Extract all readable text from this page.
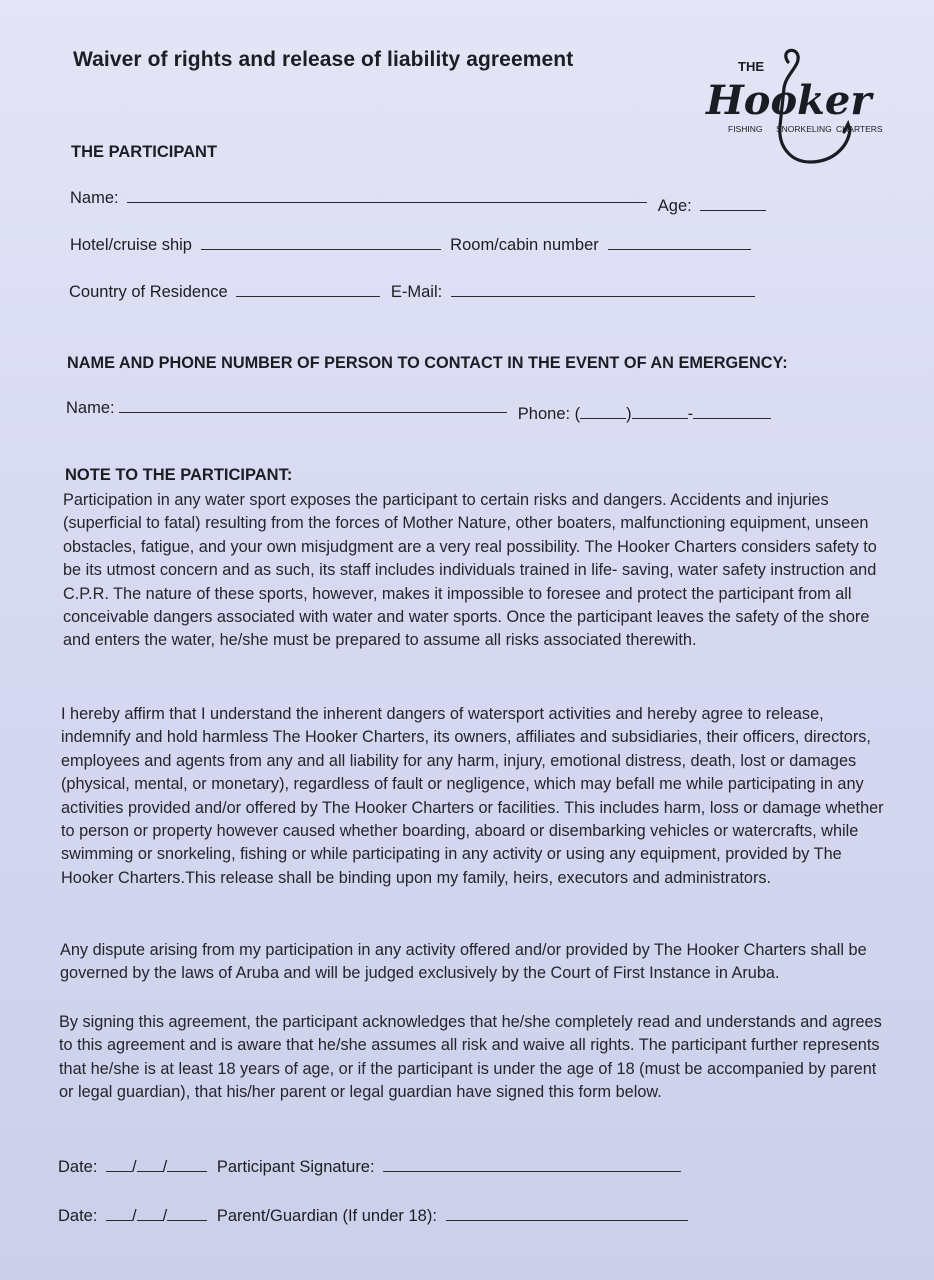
Waiver of rights and release of liability agreement	THE
Hooker
FISHING SNORKELING CHARTERS
THE PARTICIPANT
Name:	Age:
Hotel/cruise ship	Room/cabin number
Country of Residence	E-Mail:
NAME AND PHONE NUMBER OF PERSON TO CONTACT IN THE EVENT OF AN EMERGENCY:
Name:	Phone: (	)	-
NOTE TO THE PARTICIPANT:
Participation in any water sport exposes the participant to certain risks and dangers. Accidents and injuries (superficial to fatal) resulting from the forces of Mother Nature, other boaters, malfunctioning equipment, unseen obstacles, fatigue, and your own misjudgment are a very real possibility. The Hooker Charters considers safety to be its utmost concern and as such, its staff includes individuals trained in life- saving, water safety instruction and C.P.R. The nature of these sports, however, makes it impossible to foresee and protect the participant from all conceivable dangers associated with water and water sports. Once the participant leaves the safety of the shore and enters the water, he/she must be prepared to assume all risks associated therewith.
I hereby affirm that I understand the inherent dangers of watersport activities and hereby agree to release, indemnify and hold harmless The Hooker Charters, its owners, affiliates and subsidiaries, their officers, directors, employees and agents from any and all liability for any harm, injury, emotional distress, death, lost or damages (physical, mental, or monetary), regardless of fault or negligence, which may befall me while participating in any activities provided and/or offered by The Hooker Charters or facilities. This includes harm, loss or damage whether to person or property however caused whether boarding, aboard or disembarking vehicles or watercrafts, while swimming or snorkeling, fishing or while participating in any activity or using any equipment, provided by The Hooker Charters.This release shall be binding upon my family, heirs, executors and administrators.
Any dispute arising from my participation in any activity offered and/or provided by The Hooker Charters shall be governed by the laws of Aruba and will be judged exclusively by the Court of First Instance in Aruba.
By signing this agreement, the participant acknowledges that he/she completely read and understands and agrees to this agreement and is aware that he/she assumes all risk and waive all rights. The participant further represents that he/she is at least 18 years of age, or if the participant is under the age of 18 (must be accompanied by parent or legal guardian), that his/her parent or legal guardian have signed this form below.
Date: / /	Participant Signature:
Date: / /	Parent/Guardian (If under 18):
